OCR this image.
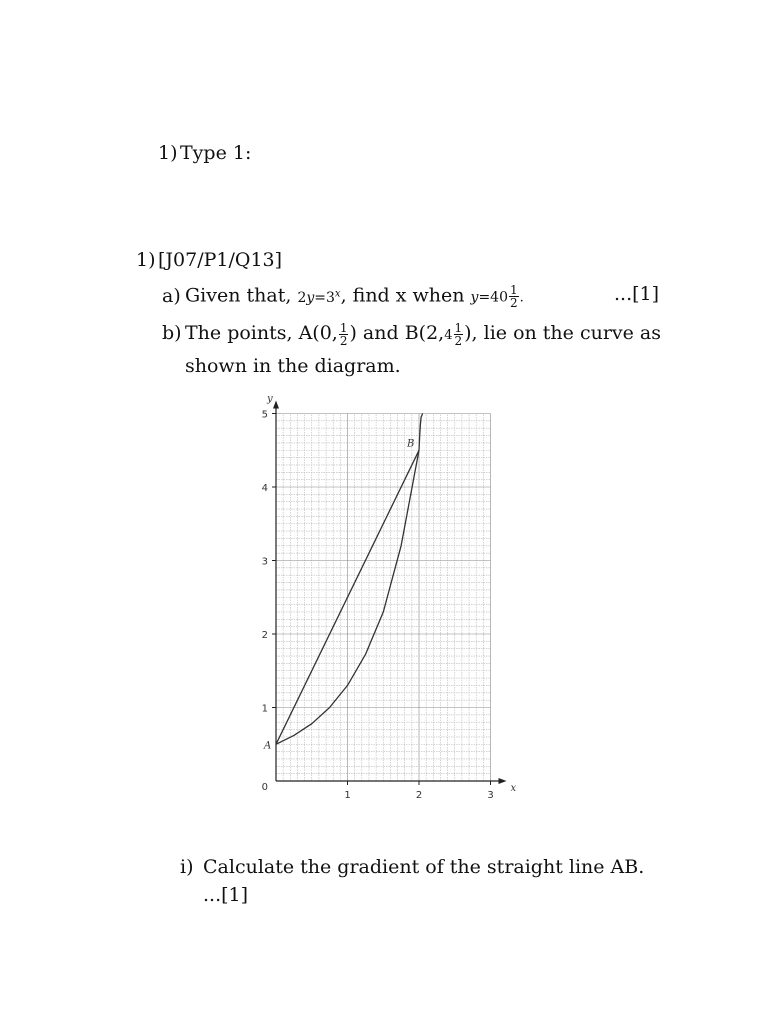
1) Type 1:
1) [J07/P1/Q13]
a) Given that, $2y=3^x$, find x when $y=40 \frac{1}{2}$ .	...[1]
b) The points, A(0, $\frac{1}{2}$ ) and $B(2,4 \frac{1}{2}$ ), lie on the curve as
shown in the diagram.
1	2	3
1
2
3
4
5
0	x
y
A
B
i) Calculate the gradient of the straight line AB.
...[1]
